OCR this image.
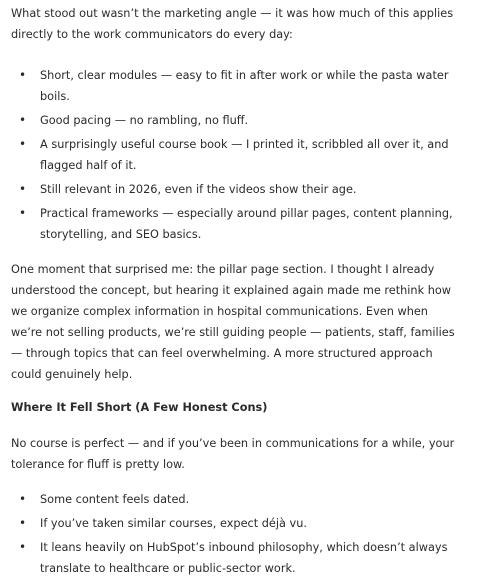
What stood out wasn’t the marketing angle — it was how much of this applies directly to the work communicators do every day:

• Short, clear modules — easy to fit in after work or while the pasta water boils.
• Good pacing — no rambling, no fluff.
• A surprisingly useful course book — I printed it, scribbled all over it, and flagged half of it.
• Still relevant in 2026, even if the videos show their age.
• Practical frameworks — especially around pillar pages, content planning, storytelling, and SEO basics.

One moment that surprised me: the pillar page section. I thought I already understood the concept, but hearing it explained again made me rethink how we organize complex information in hospital communications. Even when we’re not selling products, we’re still guiding people — patients, staff, families — through topics that can feel overwhelming. A more structured approach could genuinely help.

Where It Fell Short (A Few Honest Cons)

No course is perfect — and if you’ve been in communications for a while, your tolerance for fluff is pretty low.

• Some content feels dated.
• If you’ve taken similar courses, expect déjà vu.
• It leans heavily on HubSpot’s inbound philosophy, which doesn’t always translate to healthcare or public-sector work.
